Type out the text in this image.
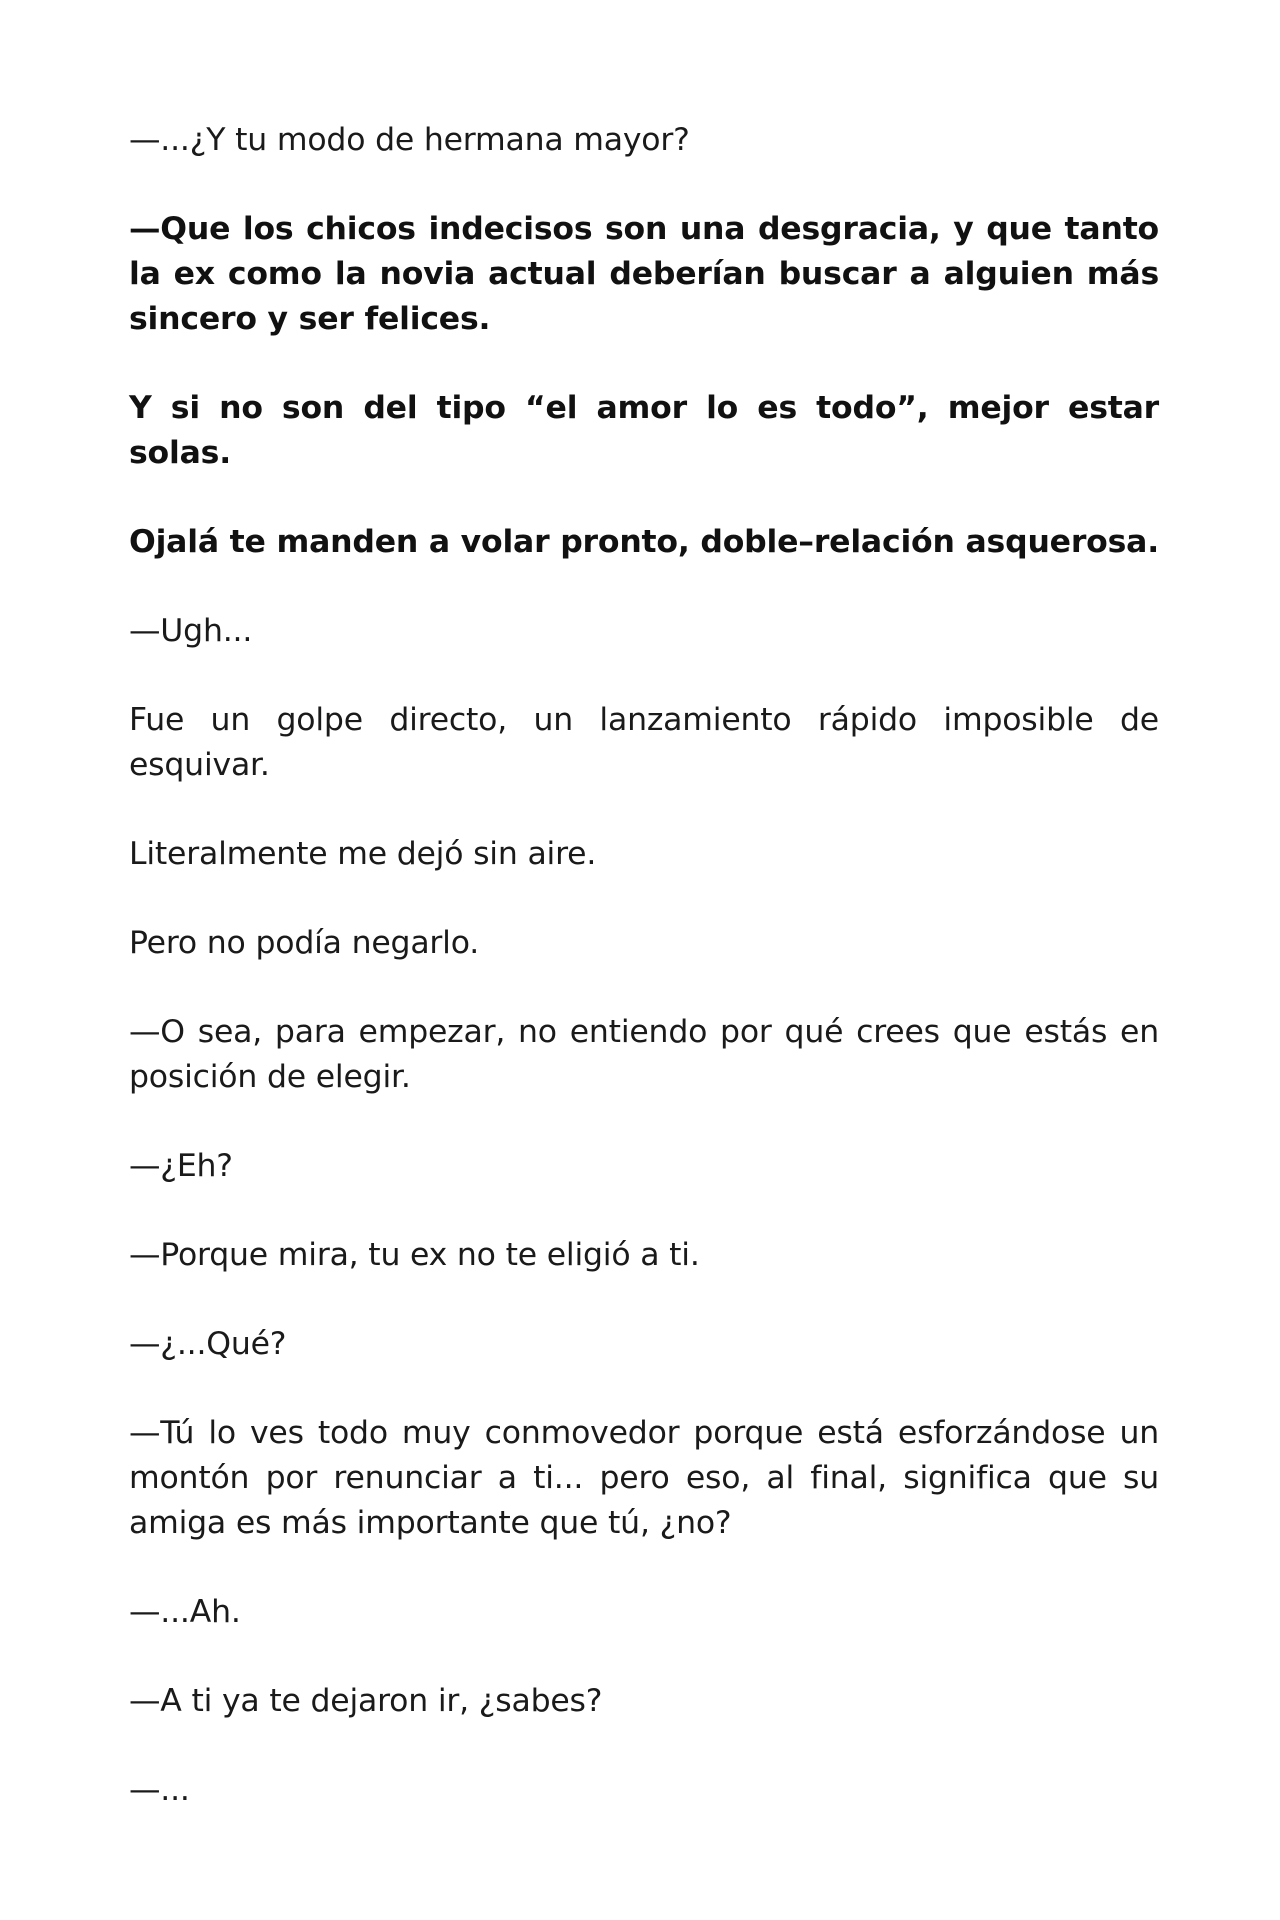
—...¿Y tu modo de hermana mayor?

—Que los chicos indecisos son una desgracia, y que tanto la ex como la novia actual deberían buscar a alguien más sincero y ser felices.

Y si no son del tipo “el amor lo es todo”, mejor estar solas.

Ojalá te manden a volar pronto, doble–relación asquerosa.

—Ugh...

Fue un golpe directo, un lanzamiento rápido imposible de esquivar.

Literalmente me dejó sin aire.

Pero no podía negarlo.

—O sea, para empezar, no entiendo por qué crees que estás en posición de elegir.

—¿Eh?

—Porque mira, tu ex no te eligió a ti.

—¿...Qué?

—Tú lo ves todo muy conmovedor porque está esforzándose un montón por renunciar a ti... pero eso, al final, significa que su amiga es más importante que tú, ¿no?

—...Ah.

—A ti ya te dejaron ir, ¿sabes?

—...
